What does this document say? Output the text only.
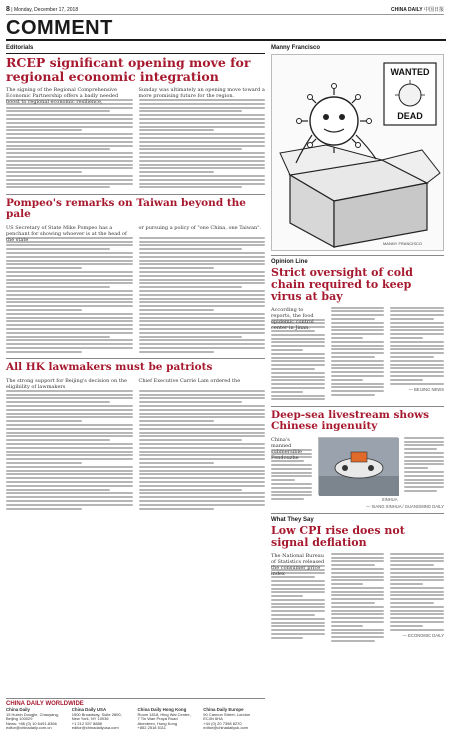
8 | Monday, December 17, 2018	CHINA DAILY 中国日报
COMMENT
Editorials
RCEP significant opening move for regional economic integration
The signing of the Regional Comprehensive Economic Partnership offers a badly needed boost to regional economic resilience,
Sunday was ultimately an opening move toward a more promising future for the region.
Pompeo's remarks on Taiwan beyond the pale
US Secretary of State Mike Pompeo has a penchant for showing whoever is at the head of the state
or pursuing a policy of "one China, one Taiwan".
All HK lawmakers must be patriots
The strong support for Beijing's decision on the eligibility of lawmakers
Chief Executive Carrie Lam ordered the
CHINA DAILY WORLDWIDE
China Daily
15 Huixin Dongjie, Chaoyang,
Beijing 100029
News: +86 (0) 10 6491-8366
editor@chinadaily.com.cn
China Daily USA
1500 Broadway, Suite 2800,
New York, NY 10036
+1 212 537 8888
editor@chinadailyusa.com
China Daily Hong Kong
Room 1818, Hing Wai Centre,
7 Tin Wan Praya Road
Aberdeen, Hong Kong
+852 2518 5111
China Daily Europe
90 Cannon Street, London
EC4N 6HA
+44 (0) 20 7398 8270
editor@chinadailyuk.com
Manny Francisco
WANTED
DEAD
MANNY FRANCISCO
Opinion Line
Strict oversight of cold chain required to keep virus at bay
According to reports, the food epidemic control center in Jinan,
— BEIJING NEWS
Deep-sea livestream shows Chinese ingenuity
China's manned submersible Fendouzhe
XINHUA
— XIANG XINHUA / GUANGMING DAILY
What They Say
Low CPI rise does not signal deflation
The National Bureau of Statistics released the consumer price index
— ECONOMIC DAILY
